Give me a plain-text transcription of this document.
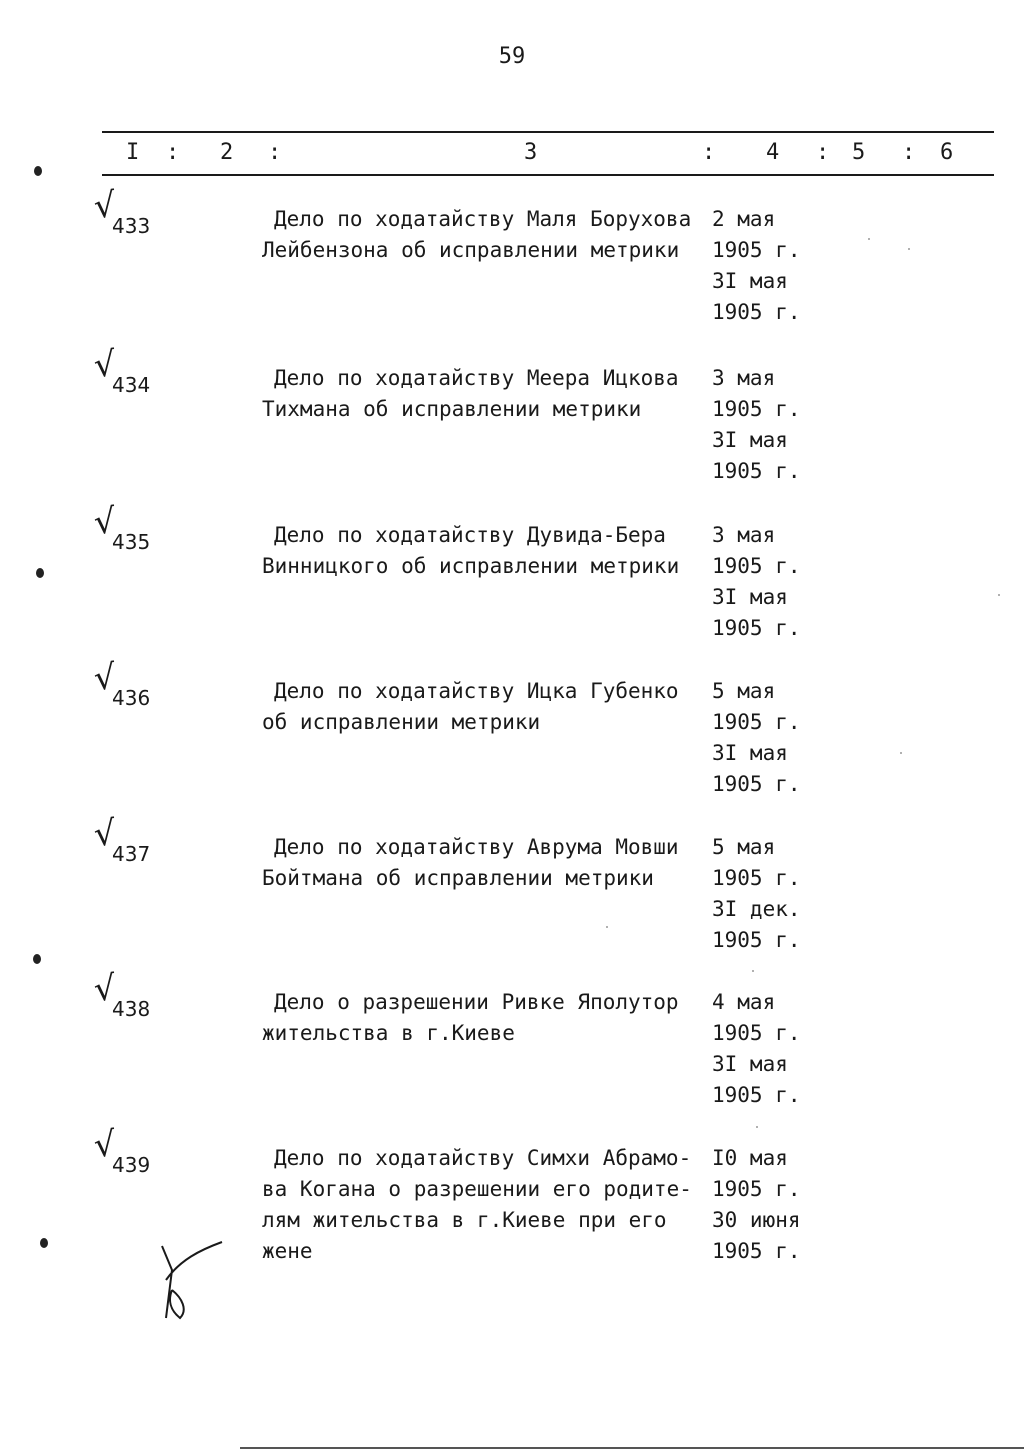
59
I : 2 :	3	: 4 : 5 : 6
√
433	Дело по ходатайству Маля Борухова
Лейбензона об исправлении метрики
2 мая
1905 г.
3I мая
1905 г.
√
434	Дело по ходатайству Меера Ицкова
Тихмана об исправлении метрики
3 мая
1905 г.
3I мая
1905 г.
√
435	Дело по ходатайству Дувида-Бера
Винницкого об исправлении метрики
3 мая
1905 г.
3I мая
1905 г.
√
436	Дело по ходатайству Ицка Губенко
об исправлении метрики
5 мая
1905 г.
3I мая
1905 г.
√
437	Дело по ходатайству Аврума Мовши
Бойтмана об исправлении метрики
5 мая
1905 г.
3I дек.
1905 г.
√
438	Дело о разрешении Ривке Яполутор
жительства в г.Киеве
4 мая
1905 г.
3I мая
1905 г.
√
439	Дело по ходатайству Симхи Абрамо-
ва Когана о разрешении его родите-
лям жительства в г.Киеве при его
жене
I0 мая
1905 г.
30 июня
1905 г.
